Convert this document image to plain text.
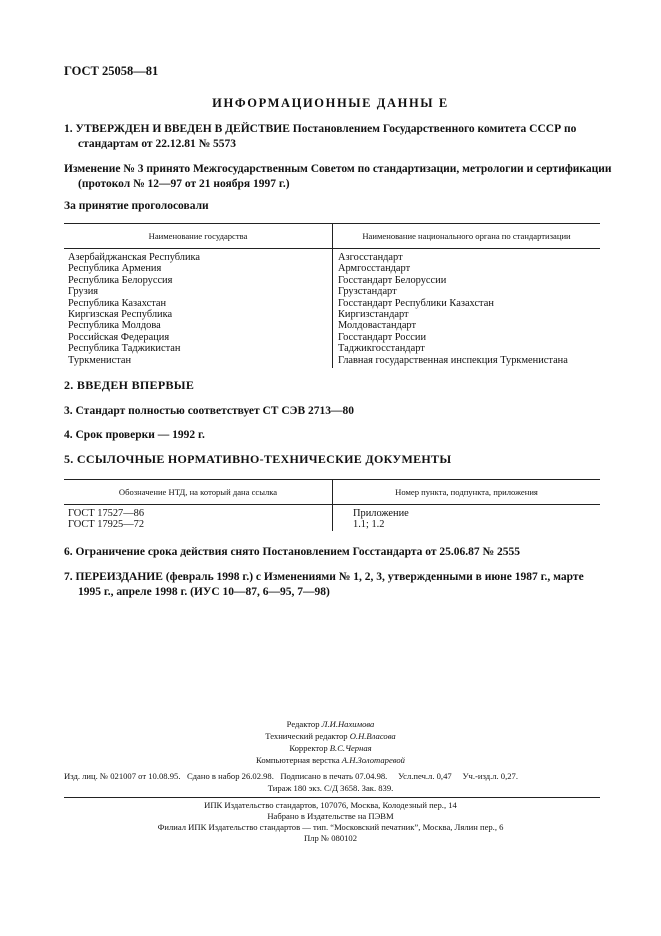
ГОСТ 25058—81
ИНФОРМАЦИОННЫЕ ДАННЫ Е
1. УТВЕРЖДЕН И ВВЕДЕН В ДЕЙСТВИЕ Постановлением Государственного комитета СССР по
стандартам от 22.12.81 № 5573
Изменение № 3 принято Межгосударственным Советом по стандартизации, метрологии и сертификации
(протокол № 12—97 от 21 ноября 1997 г.)
За принятие проголосовали
Наименование государства	Наименование национального органа по стандартизации
Азербайджанская Республика
Республика Армения
Республика Белоруссия
Грузия
Республика Казахстан
Киргизская Республика
Республика Молдова
Российская Федерация
Республика Таджикистан
Туркменистан
Азгосстандарт
Армгосстандарт
Госстандарт Белоруссии
Грузстандарт
Госстандарт Республики Казахстан
Киргизстандарт
Молдовастандарт
Госстандарт России
Таджикгосстандарт
Главная государственная инспекция Туркменистана
2. ВВЕДЕН ВПЕРВЫЕ
3. Стандарт полностью соответствует СТ СЭВ 2713—80
4. Срок проверки — 1992 г.
5. ССЫЛОЧНЫЕ НОРМАТИВНО-ТЕХНИЧЕСКИЕ ДОКУМЕНТЫ
Обозначение НТД, на который дана ссылка	Номер пункта, подпункта, приложения
ГОСТ 17527—86
ГОСТ 17925—72
Приложение
1.1; 1.2
6. Ограничение срока действия снято Постановлением Госстандарта от 25.06.87 № 2555
7. ПЕРЕИЗДАНИЕ (февраль 1998 г.) с Изменениями № 1, 2, 3, утвержденными в июне 1987 г., марте
1995 г., апреле 1998 г. (ИУС 10—87, 6—95, 7—98)
Редактор Л.И.Нахимова
Технический редактор О.Н.Власова
Корректор В.С.Черная
Компьютерная верстка А.Н.Золотаревой
Изд. лиц. № 021007 от 10.08.95. Сдано в набор 26.02.98. Подписано в печать 07.04.98. Усл.печ.л. 0,47 Уч.-изд.л. 0,27.
Тираж 180 экз. С/Д 3658. Зак. 839.
ИПК Издательство стандартов, 107076, Москва, Колодезный пер., 14
Набрано в Издательстве на ПЭВМ
Филиал ИПК Издательство стандартов — тип. “Московский печатник”, Москва, Лялин пер., 6
Плр № 080102
